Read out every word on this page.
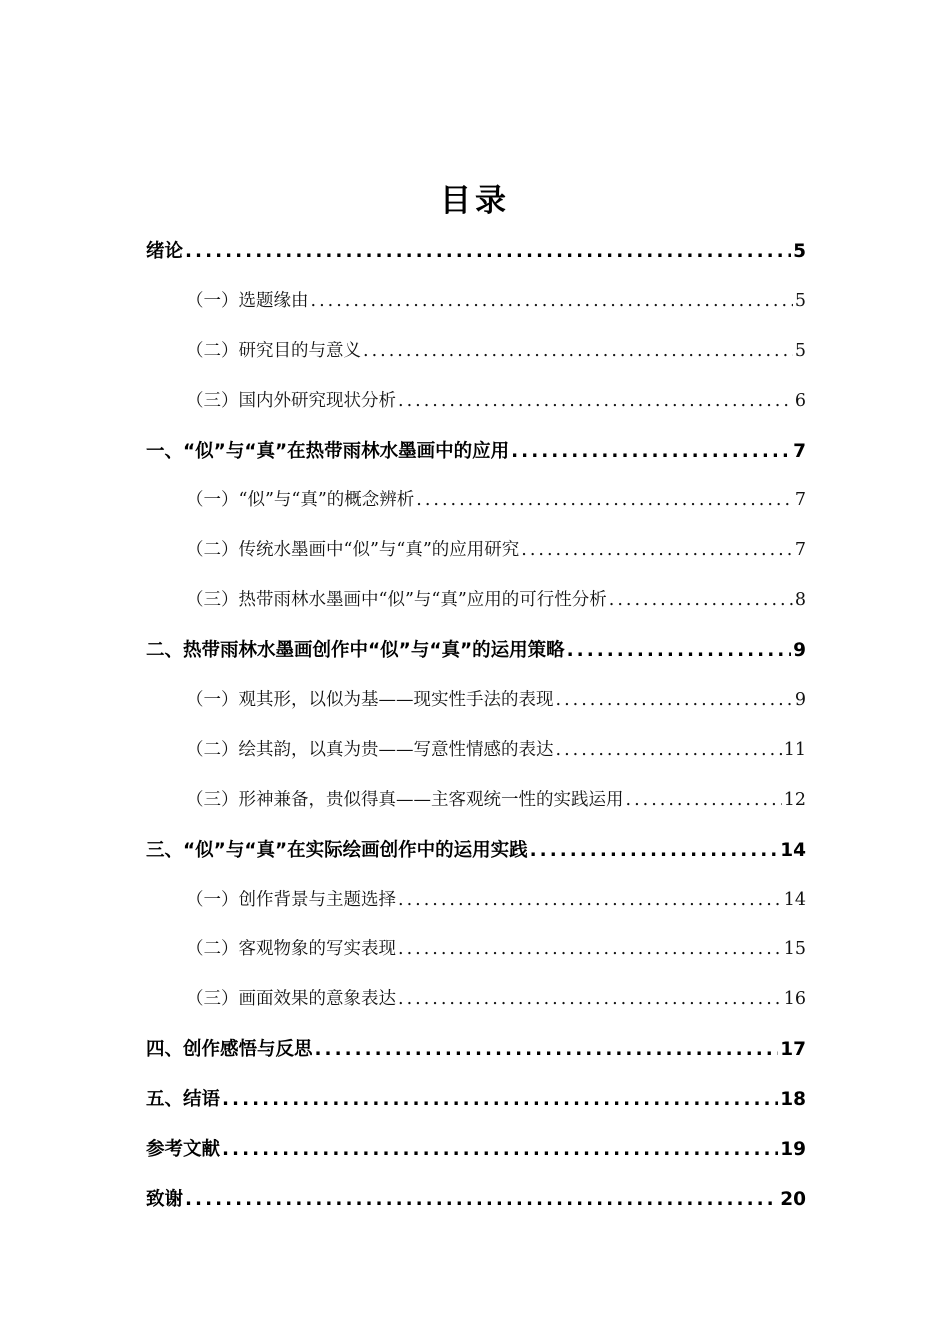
目录
绪论 .....	5
（一）选题缘由 .....	5
（二）研究目的与意义 .....	5
（三）国内外研究现状分析 .....	6
一、“似”与“真”在热带雨林水墨画中的应用 .....	7
（一）“似”与“真”的概念辨析 .....	7
（二）传统水墨画中“似”与“真”的应用研究 .....	7
（三）热带雨林水墨画中“似”与“真”应用的可行性分析 .....	8
二、热带雨林水墨画创作中“似”与“真”的运用策略 .....	9
（一）观其形，以似为基——现实性手法的表现 .....	9
（二）绘其韵，以真为贵——写意性情感的表达 .....	11
（三）形神兼备，贵似得真——主客观统一性的实践运用 .....	12
三、“似”与“真”在实际绘画创作中的运用实践 .....	14
（一）创作背景与主题选择 .....	14
（二）客观物象的写实表现 .....	15
（三）画面效果的意象表达 .....	16
四、创作感悟与反思 .....	17
五、结语 .....	18
参考文献 .....	19
致谢 .....	20
